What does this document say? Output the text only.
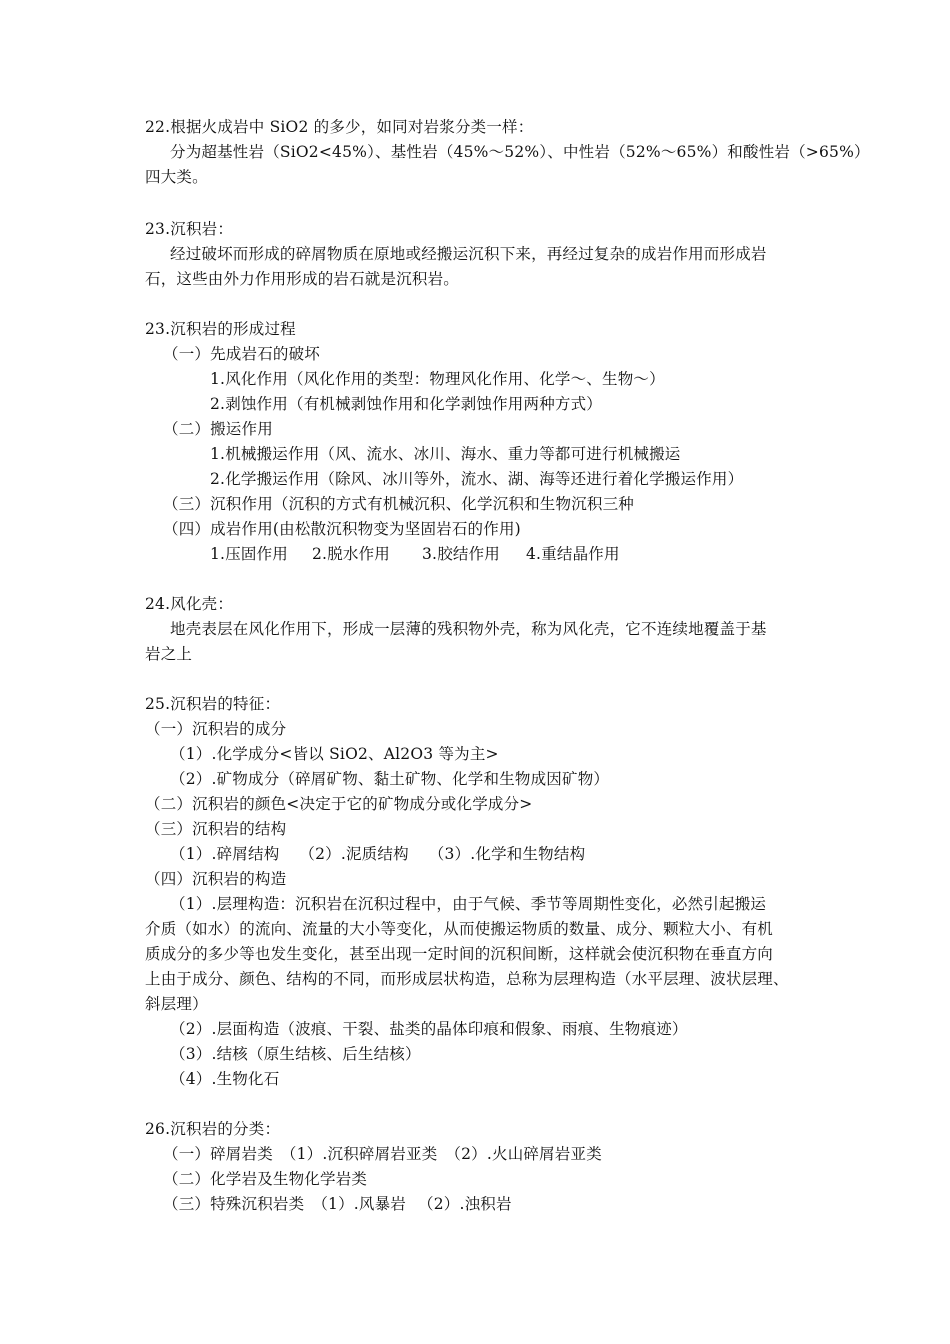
22.根据火成岩中 SiO2 的多少，如同对岩浆分类一样：
分为超基性岩（SiO2<45%）、基性岩（45%～52%）、中性岩（52%～65%）和酸性岩（>65%）
四大类。
23.沉积岩：
经过破坏而形成的碎屑物质在原地或经搬运沉积下来，再经过复杂的成岩作用而形成岩
石，这些由外力作用形成的岩石就是沉积岩。
23.沉积岩的形成过程
（一）先成岩石的破坏
1.风化作用（风化作用的类型：物理风化作用、化学～、生物～）
2.剥蚀作用（有机械剥蚀作用和化学剥蚀作用两种方式）
（二）搬运作用
1.机械搬运作用（风、流水、冰川、海水、重力等都可进行机械搬运
2.化学搬运作用（除风、冰川等外，流水、湖、海等还进行着化学搬运作用）
（三）沉积作用（沉积的方式有机械沉积、化学沉积和生物沉积三种
（四）成岩作用(由松散沉积物变为坚固岩石的作用)
1.压固作用 2.脱水作用 3.胶结作用 4.重结晶作用
24.风化壳：
地壳表层在风化作用下，形成一层薄的残积物外壳，称为风化壳，它不连续地覆盖于基
岩之上
25.沉积岩的特征：
（一）沉积岩的成分
（1）.化学成分<皆以 SiO2、Al2O3 等为主>
（2）.矿物成分（碎屑矿物、黏土矿物、化学和生物成因矿物）
（二）沉积岩的颜色<决定于它的矿物成分或化学成分>
（三）沉积岩的结构
（1）.碎屑结构 （2）.泥质结构 （3）.化学和生物结构
（四）沉积岩的构造
（1）.层理构造：沉积岩在沉积过程中，由于气候、季节等周期性变化，必然引起搬运
介质（如水）的流向、流量的大小等变化，从而使搬运物质的数量、成分、颗粒大小、有机
质成分的多少等也发生变化，甚至出现一定时间的沉积间断，这样就会使沉积物在垂直方向
上由于成分、颜色、结构的不同，而形成层状构造，总称为层理构造（水平层理、波状层理、
斜层理）
（2）.层面构造（波痕、干裂、盐类的晶体印痕和假象、雨痕、生物痕迹）
（3）.结核（原生结核、后生结核）
（4）.生物化石
26.沉积岩的分类：
（一）碎屑岩类 （1）.沉积碎屑岩亚类 （2）.火山碎屑岩亚类
（二）化学岩及生物化学岩类
（三）特殊沉积岩类 （1）.风暴岩 （2）.浊积岩
